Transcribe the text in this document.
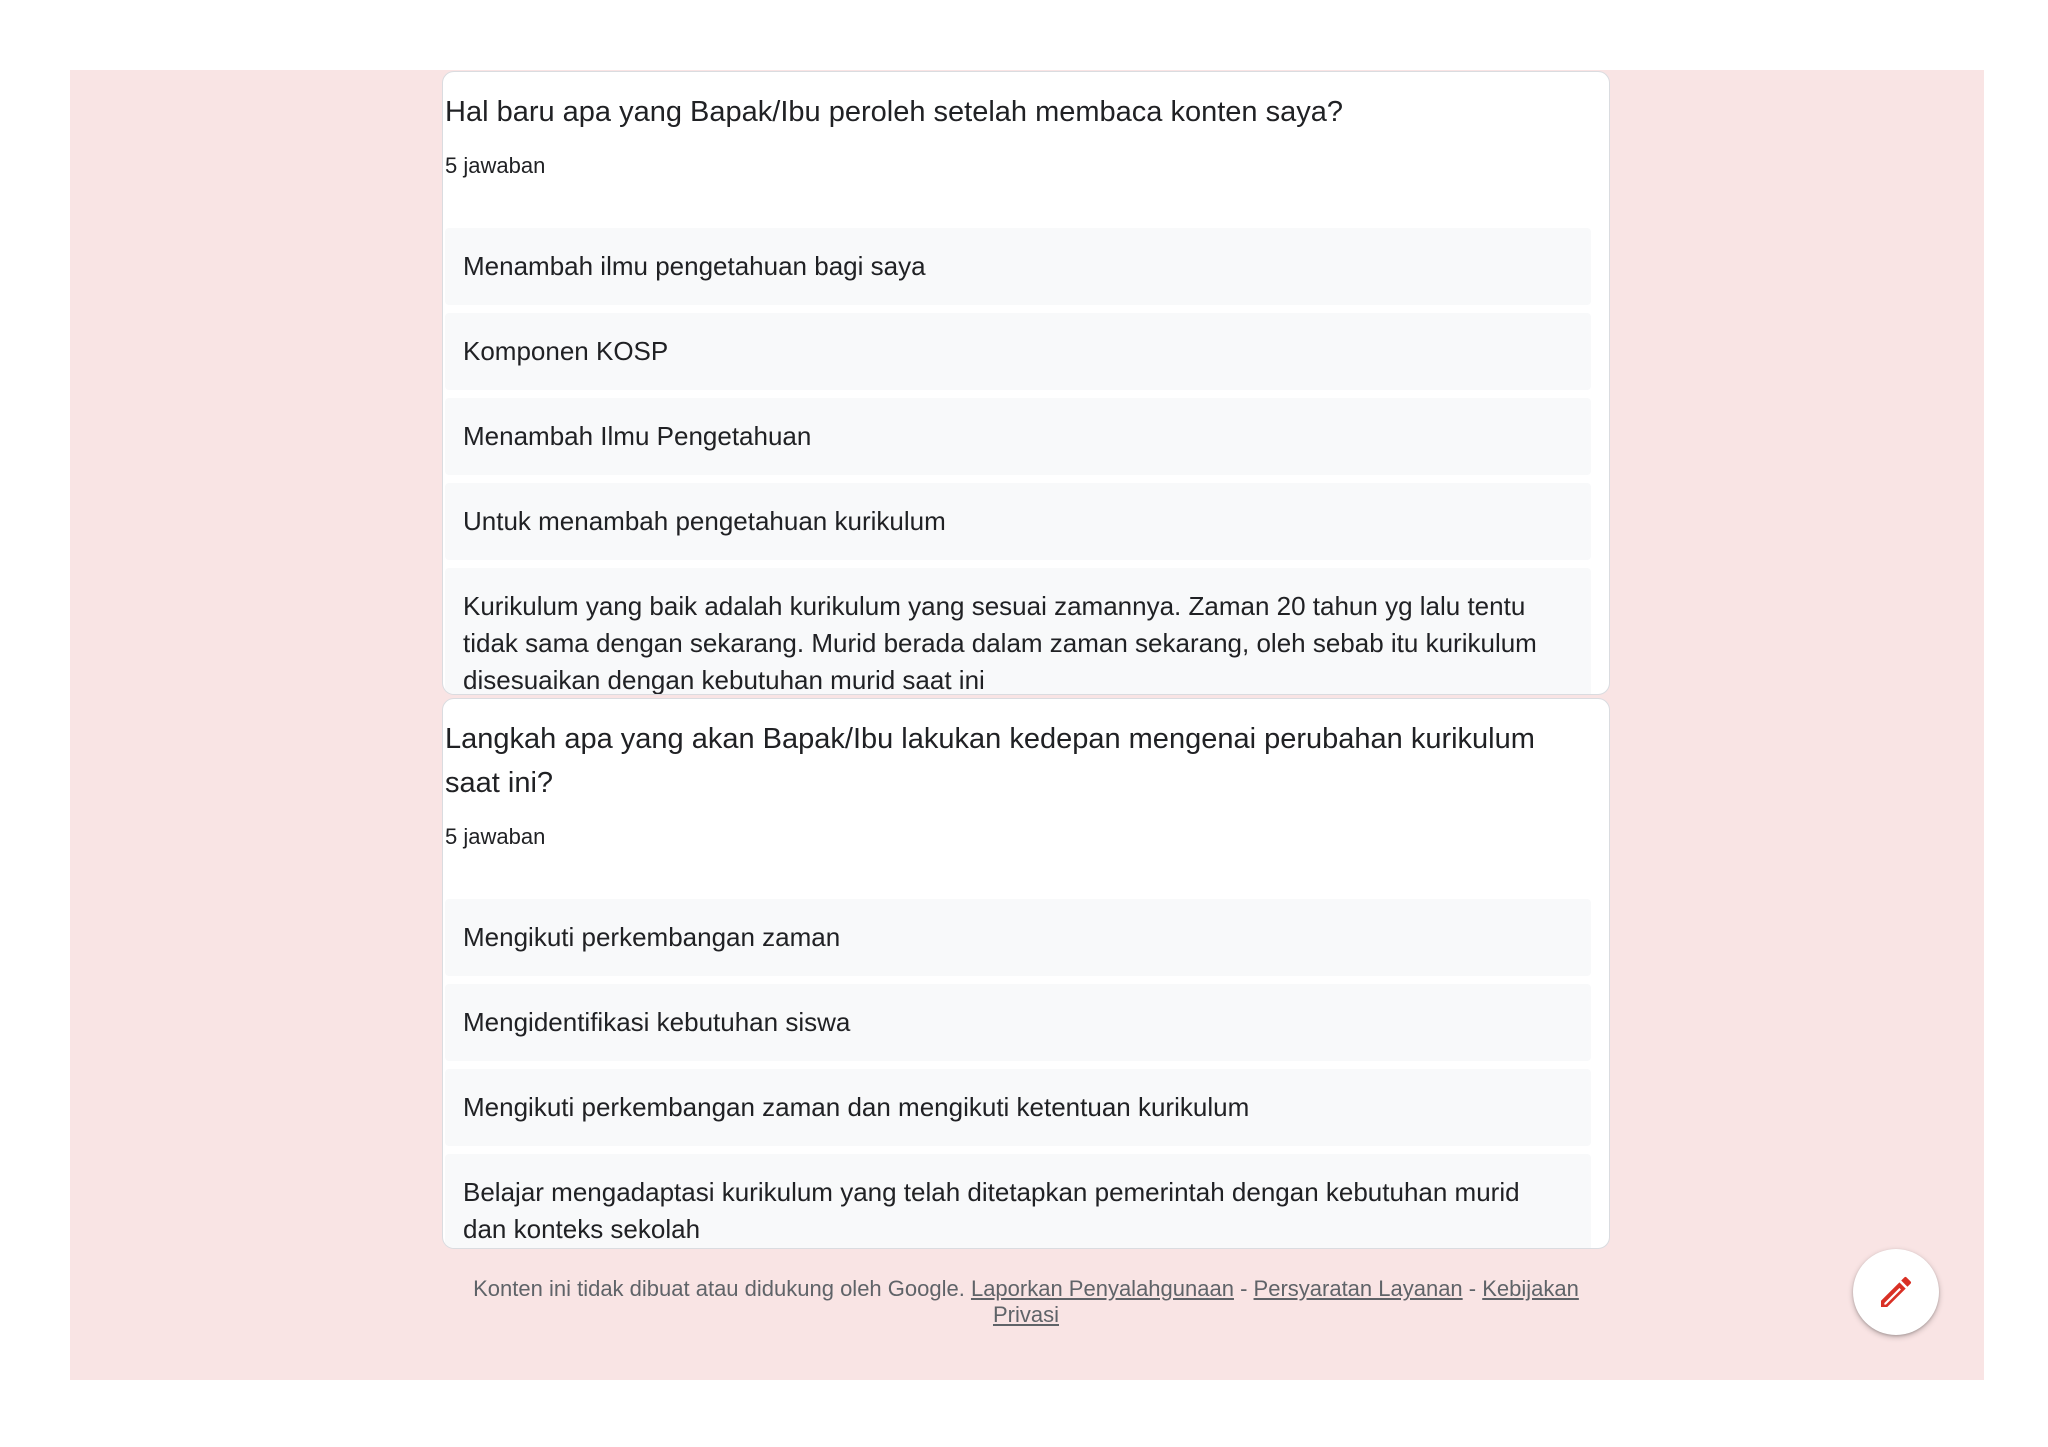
Hal baru apa yang Bapak/Ibu peroleh setelah membaca konten saya?
5 jawaban
Menambah ilmu pengetahuan bagi saya
Komponen KOSP
Menambah Ilmu Pengetahuan
Untuk menambah pengetahuan kurikulum
Kurikulum yang baik adalah kurikulum yang sesuai zamannya. Zaman 20 tahun yg lalu tentu tidak sama dengan sekarang. Murid berada dalam zaman sekarang, oleh sebab itu kurikulum disesuaikan dengan kebutuhan murid saat ini
Langkah apa yang akan Bapak/Ibu lakukan kedepan mengenai perubahan kurikulum saat ini?
5 jawaban
Mengikuti perkembangan zaman
Mengidentifikasi kebutuhan siswa
Mengikuti perkembangan zaman dan mengikuti ketentuan kurikulum
Belajar mengadaptasi kurikulum yang telah ditetapkan pemerintah dengan kebutuhan murid dan konteks sekolah
Konten ini tidak dibuat atau didukung oleh Google. Laporkan Penyalahgunaan - Persyaratan Layanan - Kebijakan Privasi
